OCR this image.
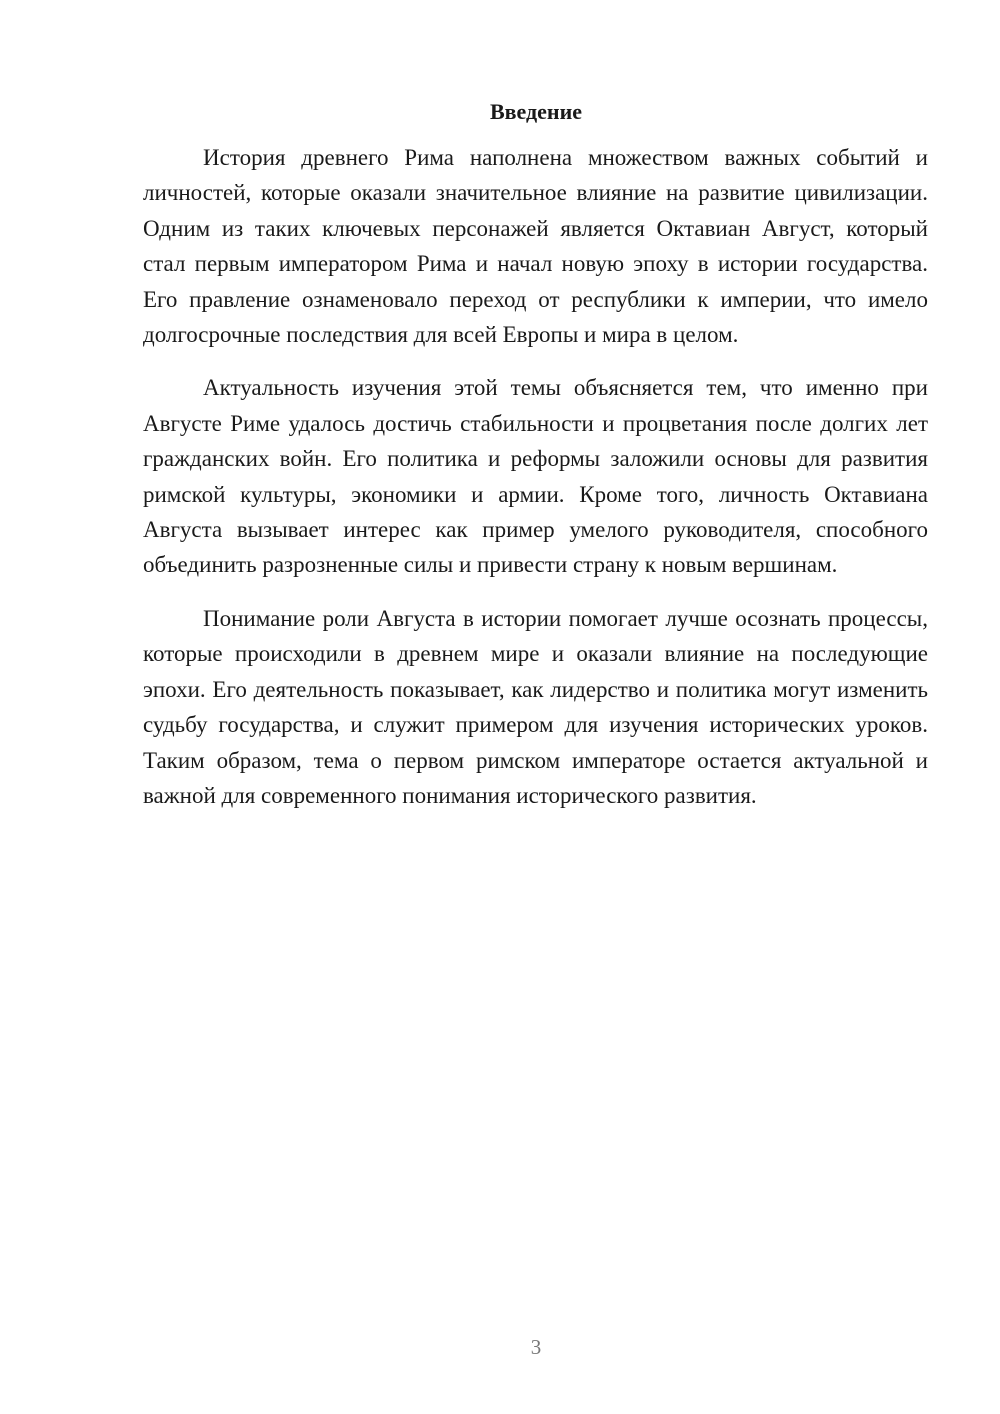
Введение

История древнего Рима наполнена множеством важных событий и личностей, которые оказали значительное влияние на развитие цивилизации. Одним из таких ключевых персонажей является Октавиан Август, который стал первым императором Рима и начал новую эпоху в истории государства. Его правление ознаменовало переход от республики к империи, что имело долгосрочные последствия для всей Европы и мира в целом.

Актуальность изучения этой темы объясняется тем, что именно при Августе Риме удалось достичь стабильности и процветания после долгих лет гражданских войн. Его политика и реформы заложили основы для развития римской культуры, экономики и армии. Кроме того, личность Октавиана Августа вызывает интерес как пример умелого руководителя, способного объединить разрозненные силы и привести страну к новым вершинам.

Понимание роли Августа в истории помогает лучше осознать процессы, которые происходили в древнем мире и оказали влияние на последующие эпохи. Его деятельность показывает, как лидерство и политика могут изменить судьбу государства, и служит примером для изучения исторических уроков. Таким образом, тема о первом римском императоре остается актуальной и важной для современного понимания исторического развития.

3
